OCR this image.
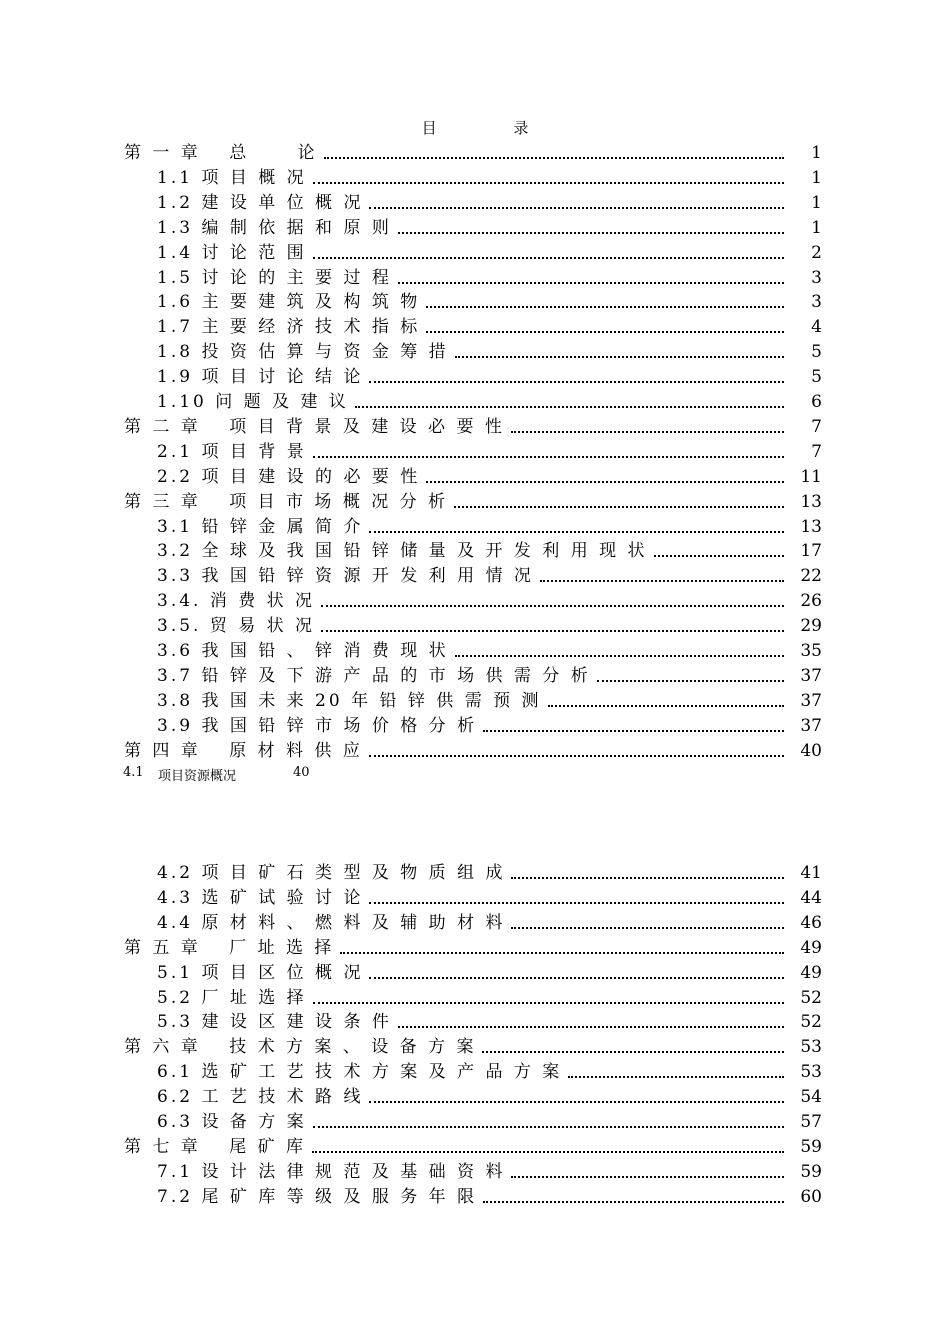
目 录
第 一 章 　总 　　论	1
1.1 项 目 概 况	1
1.2 建 设 单 位 概 况	1
1.3 编 制 依 据 和 原 则	1
1.4 讨 论 范 围	2
1.5 讨 论 的 主 要 过 程	3
1.6 主 要 建 筑 及 构 筑 物	3
1.7 主 要 经 济 技 术 指 标	4
1.8 投 资 估 算 与 资 金 筹 措	5
1.9 项 目 讨 论 结 论	5
1.10 问 题 及 建 议	6
第 二 章 　项 目 背 景 及 建 设 必 要 性	7
2.1 项 目 背 景	7
2.2 项 目 建 设 的 必 要 性	11
第 三 章 　项 目 市 场 概 况 分 析	13
3.1 铅 锌 金 属 简 介	13
3.2 全 球 及 我 国 铅 锌 储 量 及 开 发 利 用 现 状	17
3.3 我 国 铅 锌 资 源 开 发 利 用 情 况	22
3.4. 消 费 状 况	26
3.5. 贸 易 状 况	29
3.6 我 国 铅 、 锌 消 费 现 状	35
3.7 铅 锌 及 下 游 产 品 的 市 场 供 需 分 析	37
3.8 我 国 未 来 20 年 铅 锌 供 需 预 测	37
3.9 我 国 铅 锌 市 场 价 格 分 析	37
第 四 章 　原 材 料 供 应	40
4.2 项 目 矿 石 类 型 及 物 质 组 成	41
4.3 选 矿 试 验 讨 论	44
4.4 原 材 料 、 燃 料 及 辅 助 材 料	46
第 五 章 　厂 址 选 择	49
5.1 项 目 区 位 概 况	49
5.2 厂 址 选 择	52
5.3 建 设 区 建 设 条 件	52
第 六 章 　技 术 方 案 、 设 备 方 案	53
6.1 选 矿 工 艺 技 术 方 案 及 产 品 方 案	53
6.2 工 艺 技 术 路 线	54
6.3 设 备 方 案	57
第 七 章 　尾 矿 库	59
7.1 设 计 法 律 规 范 及 基 础 资 料	59
7.2 尾 矿 库 等 级 及 服 务 年 限	60
4.1	项目资源概况	40
